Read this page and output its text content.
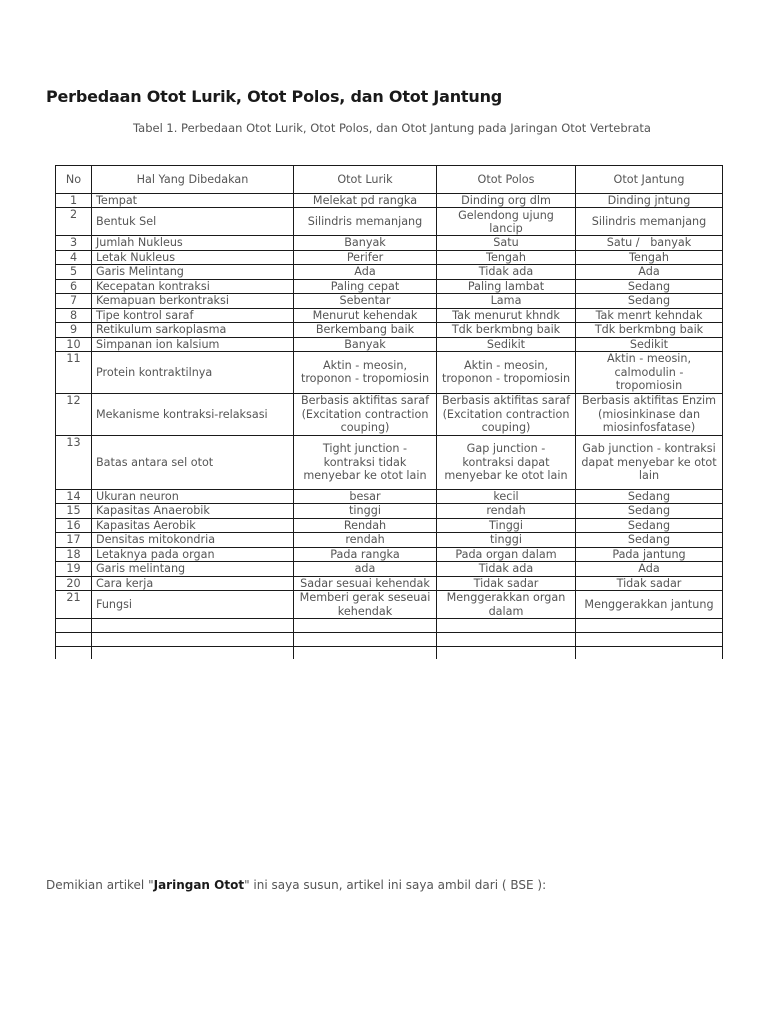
Perbedaan Otot Lurik, Otot Polos, dan Otot Jantung
Tabel 1. Perbedaan Otot Lurik, Otot Polos, dan Otot Jantung pada Jaringan Otot Vertebrata
No	Hal Yang Dibedakan	Otot Lurik	Otot Polos	Otot Jantung
1	Tempat	Melekat pd rangka	Dinding org dlm	Dinding jntung
2	Bentuk Sel	Silindris memanjang	Gelendong ujung lancip	Silindris memanjang
3	Jumlah Nukleus	Banyak	Satu	Satu /   banyak
4	Letak Nukleus	Perifer	Tengah	Tengah
5	Garis Melintang	Ada	Tidak ada	Ada
6	Kecepatan kontraksi	Paling cepat	Paling lambat	Sedang
7	Kemapuan berkontraksi	Sebentar	Lama	Sedang
8	Tipe kontrol saraf	Menurut kehendak	Tak menurut khndk	Tak menrt kehndak
9	Retikulum sarkoplasma	Berkembang baik	Tdk berkmbng baik	Tdk berkmbng baik
10	Simpanan ion kalsium	Banyak	Sedikit	Sedikit
11	Protein kontraktilnya	Aktin - meosin, troponon - tropomiosin	Aktin - meosin, troponon - tropomiosin	Aktin - meosin, calmodulin - tropomiosin
12	Mekanisme kontraksi-relaksasi	Berbasis aktifitas saraf (Excitation contraction couping)	Berbasis aktifitas saraf (Excitation contraction couping)	Berbasis aktifitas Enzim (miosinkinase dan miosinfosfatase)
13	Batas antara sel otot	Tight junction - kontraksi tidak menyebar ke otot lain	Gap junction - kontraksi dapat menyebar ke otot lain	Gab junction - kontraksi dapat menyebar ke otot lain
14	Ukuran neuron	besar	kecil	Sedang
15	Kapasitas Anaerobik	tinggi	rendah	Sedang
16	Kapasitas Aerobik	Rendah	Tinggi	Sedang
17	Densitas mitokondria	rendah	tinggi	Sedang
18	Letaknya pada organ	Pada rangka	Pada organ dalam	Pada jantung
19	Garis melintang	ada	Tidak ada	Ada
20	Cara kerja	Sadar sesuai kehendak	Tidak sadar	Tidak sadar
21	Fungsi	Memberi gerak seseuai kehendak	Menggerakkan organ dalam	Menggerakkan jantung

Demikian artikel "Jaringan Otot" ini saya susun, artikel ini saya ambil dari ( BSE ):
